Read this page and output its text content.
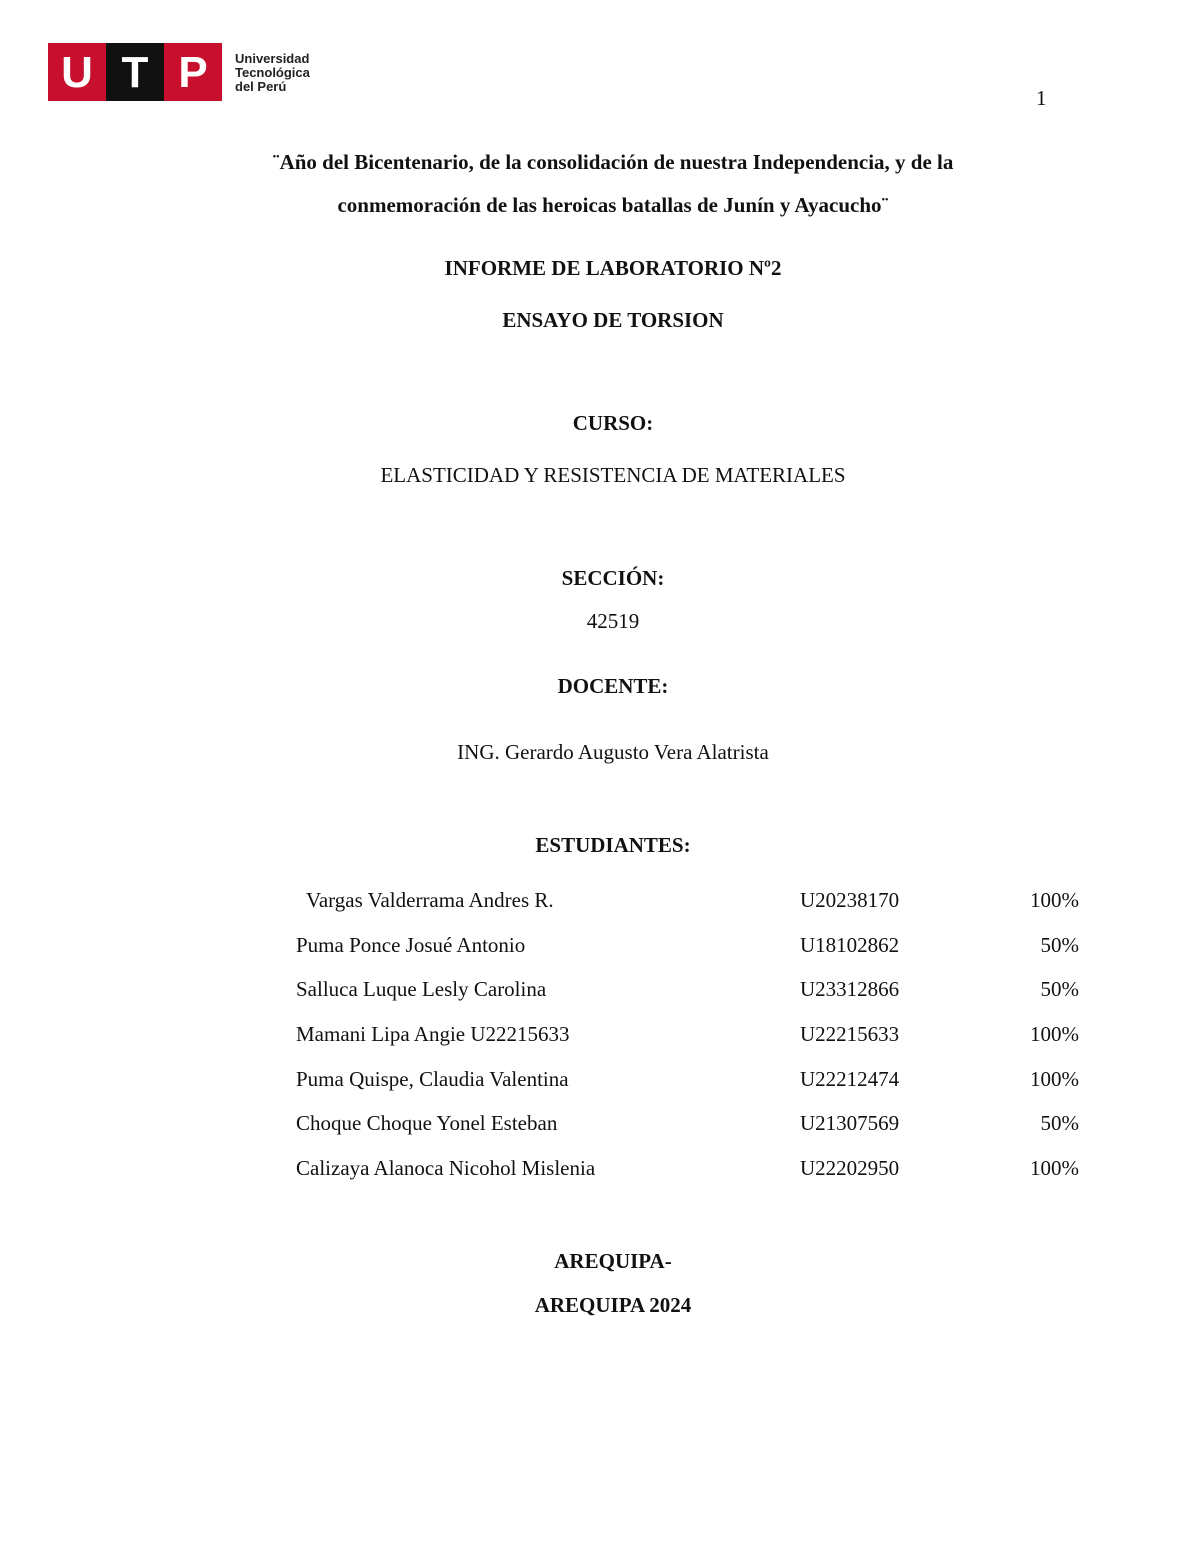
U T P Universidad
Tecnológica
del Perú	1
¨Año del Bicentenario, de la consolidación de nuestra Independencia, y de la
conmemoración de las heroicas batallas de Junín y Ayacucho¨
INFORME DE LABORATORIO Nº2
ENSAYO DE TORSION
CURSO:
ELASTICIDAD Y RESISTENCIA DE MATERIALES
SECCIÓN:
42519
DOCENTE:
ING. Gerardo Augusto Vera Alatrista
ESTUDIANTES:
Vargas Valderrama Andres R.	U20238170	100%
Puma Ponce Josué Antonio	U18102862	50%
Salluca Luque Lesly Carolina	U23312866	50%
Mamani Lipa Angie U22215633	U22215633	100%
Puma Quispe, Claudia Valentina	U22212474	100%
Choque Choque Yonel Esteban	U21307569	50%
Calizaya Alanoca Nicohol Mislenia	U22202950	100%
AREQUIPA-
AREQUIPA 2024
